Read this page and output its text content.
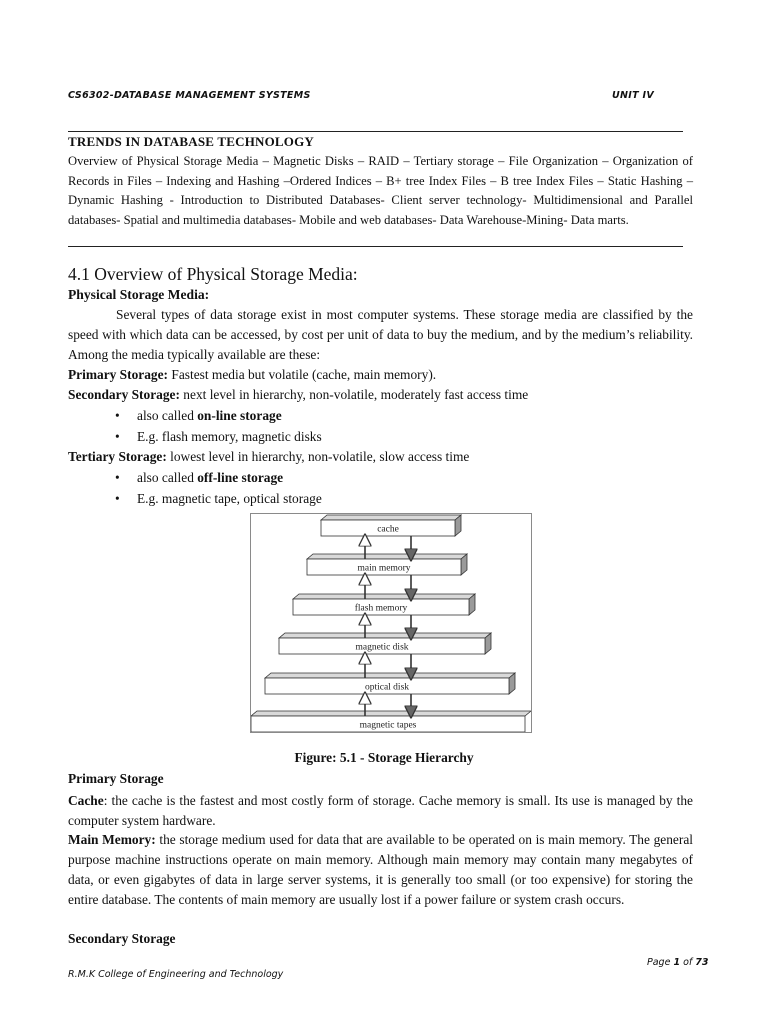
CS6302-DATABASE MANAGEMENT SYSTEMS	UNIT IV
TRENDS IN DATABASE TECHNOLOGY
Overview of Physical Storage Media – Magnetic Disks – RAID – Tertiary storage – File Organization – Organization of Records in Files – Indexing and Hashing –Ordered Indices – B+ tree Index Files – B tree Index Files – Static Hashing – Dynamic Hashing - Introduction to Distributed Databases- Client server technology- Multidimensional and Parallel databases- Spatial and multimedia databases- Mobile and web databases- Data Warehouse-Mining- Data marts.
4.1 Overview of Physical Storage Media:
Physical Storage Media:
Several types of data storage exist in most computer systems. These storage media are classified by the speed with which data can be accessed, by cost per unit of data to buy the medium, and by the medium’s reliability. Among the media typically available are these:
Primary Storage: Fastest media but volatile (cache, main memory).
Secondary Storage: next level in hierarchy, non-volatile, moderately fast access time
• also called on-line storage
• E.g. flash memory, magnetic disks
Tertiary Storage: lowest level in hierarchy, non-volatile, slow access time
• also called off-line storage
• E.g. magnetic tape, optical storage
cache
main memory
flash memory
magnetic disk
optical disk
magnetic tapes
Figure: 5.1 - Storage Hierarchy
Primary Storage
Cache: the cache is the fastest and most costly form of storage. Cache memory is small. Its use is managed by the computer system hardware.
Main Memory: the storage medium used for data that are available to be operated on is main memory. The general purpose machine instructions operate on main memory. Although main memory may contain many megabytes of data, or even gigabytes of data in large server systems, it is generally too small (or too expensive) for storing the entire database. The contents of main memory are usually lost if a power failure or system crash occurs.
Secondary Storage
Page 1 of 73
R.M.K College of Engineering and Technology
